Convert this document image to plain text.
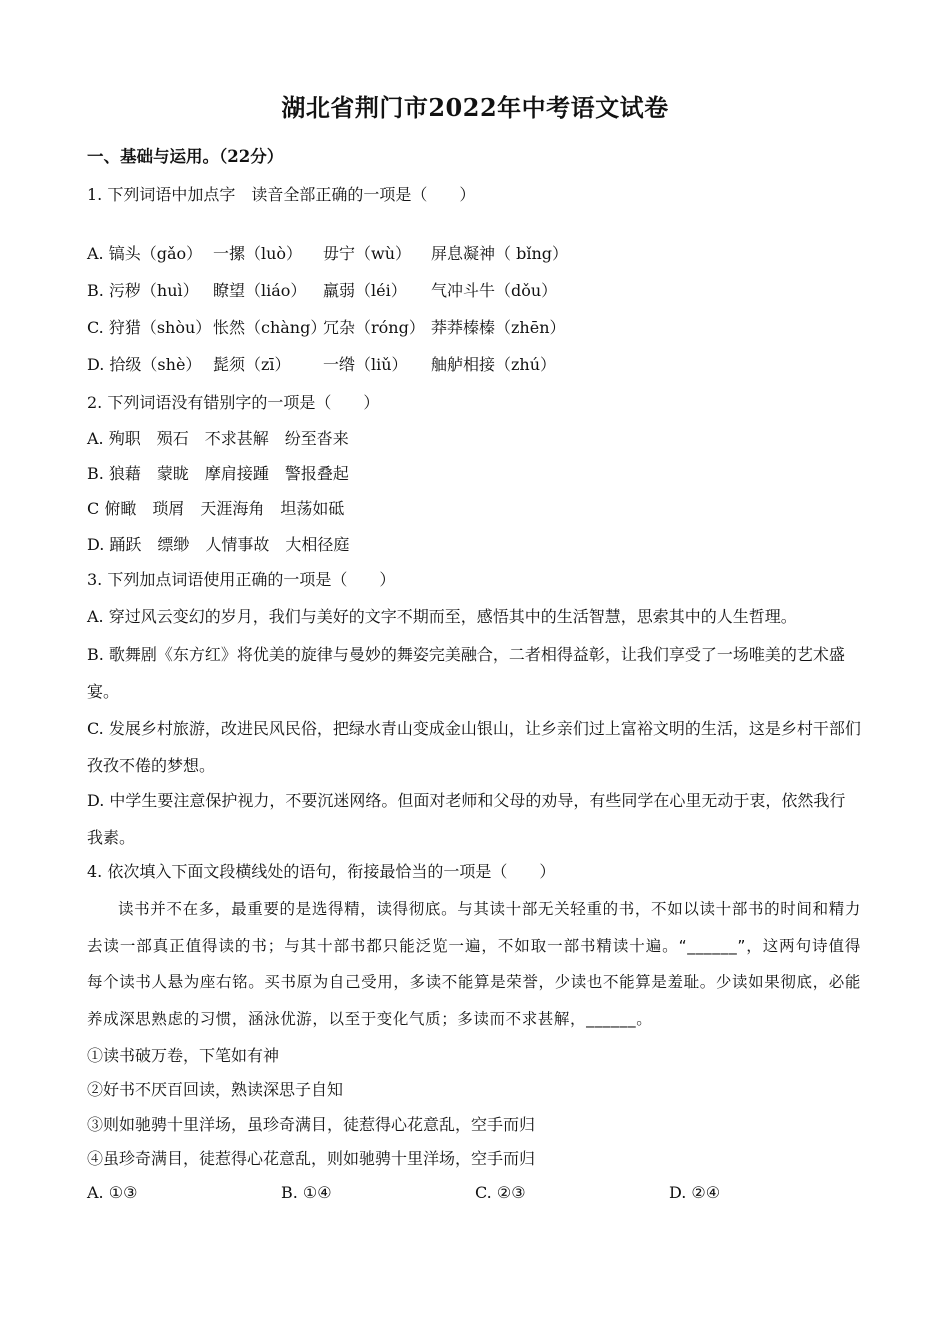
湖北省荆门市2022年中考语文试卷
一、基础与运用。（22分）
1. 下列词语中加点字　读音全部正确的一项是（　　）
A. 镐头（gǎo） 一摞（luò） 毋宁（wù） 屏息凝神（ bǐng）
B. 污秽（huì） 瞭望（liáo） 羸弱（léi） 气冲斗牛（dǒu）
C. 狩猎（shòu） 怅然（chàng）冗杂（róng） 莽莽榛榛（zhēn）
D. 拾级（shè） 髭须（zī） 一绺（liǔ） 舳舻相接（zhú）
2. 下列词语没有错别字的一项是（　　）
A. 殉职　殒石　不求甚解　纷至沓来
B. 狼藉　蒙眬　摩肩接踵　警报叠起
C 俯瞰　琐屑　天涯海角　坦荡如砥
D. 踊跃　缥缈　人情事故　大相径庭
3. 下列加点词语使用正确的一项是（　　）
A. 穿过风云变幻的岁月，我们与美好的文字不期而至，感悟其中的生活智慧，思索其中的人生哲理。
B. 歌舞剧《东方红》将优美的旋律与曼妙的舞姿完美融合，二者相得益彰，让我们享受了一场唯美的艺术盛宴。
C. 发展乡村旅游，改进民风民俗，把绿水青山变成金山银山，让乡亲们过上富裕文明的生活，这是乡村干部们孜孜不倦的梦想。
D. 中学生要注意保护视力，不要沉迷网络。但面对老师和父母的劝导，有些同学在心里无动于衷，依然我行我素。
4. 依次填入下面文段横线处的语句，衔接最恰当的一项是（　　）
读书并不在多，最重要的是选得精，读得彻底。与其读十部无关轻重的书，不如以读十部书的时间和精力去读一部真正值得读的书；与其十部书都只能泛览一遍，不如取一部书精读十遍。“______”，这两句诗值得每个读书人悬为座右铭。买书原为自己受用，多读不能算是荣誉，少读也不能算是羞耻。少读如果彻底，必能养成深思熟虑的习惯，涵泳优游，以至于变化气质；多读而不求甚解，______。
①读书破万卷，下笔如有神
②好书不厌百回读，熟读深思子自知
③则如驰骋十里洋场，虽珍奇满目，徒惹得心花意乱，空手而归
④虽珍奇满目，徒惹得心花意乱，则如驰骋十里洋场，空手而归
A. ①③	B. ①④	C. ②③	D. ②④
